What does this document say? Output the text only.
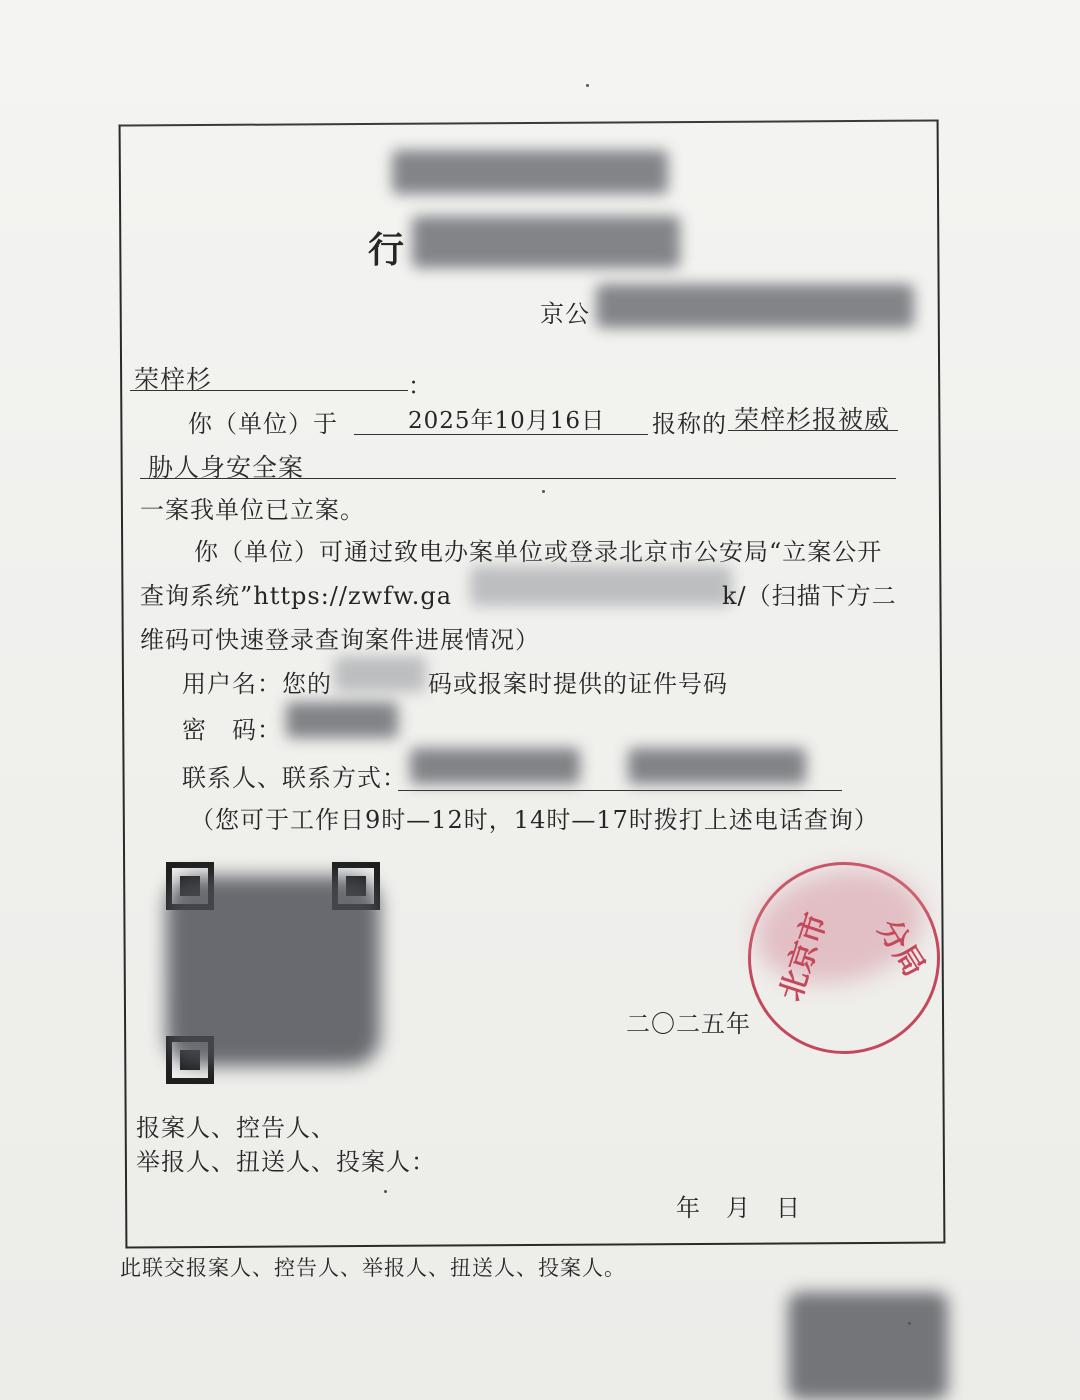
行
京公
荣梓杉	：
你（单位）于	2025年10月16日 报称的 荣梓杉报被威
胁人身安全案
一案我单位已立案。
你（单位）可通过致电办案单位或登录北京市公安局“立案公开
查询系统”https://zwfw.ga	k/（扫描下方二
维码可快速登录查询案件进展情况）
用户名：您的	码或报案时提供的证件号码
密　码：
联系人、联系方式：
（您可于工作日9时—12时，14时—17时拨打上述电话查询）
二〇二五年
北京市 分局
报案人、控告人、
举报人、扭送人、投案人：
年　月　日
此联交报案人、控告人、举报人、扭送人、投案人。
